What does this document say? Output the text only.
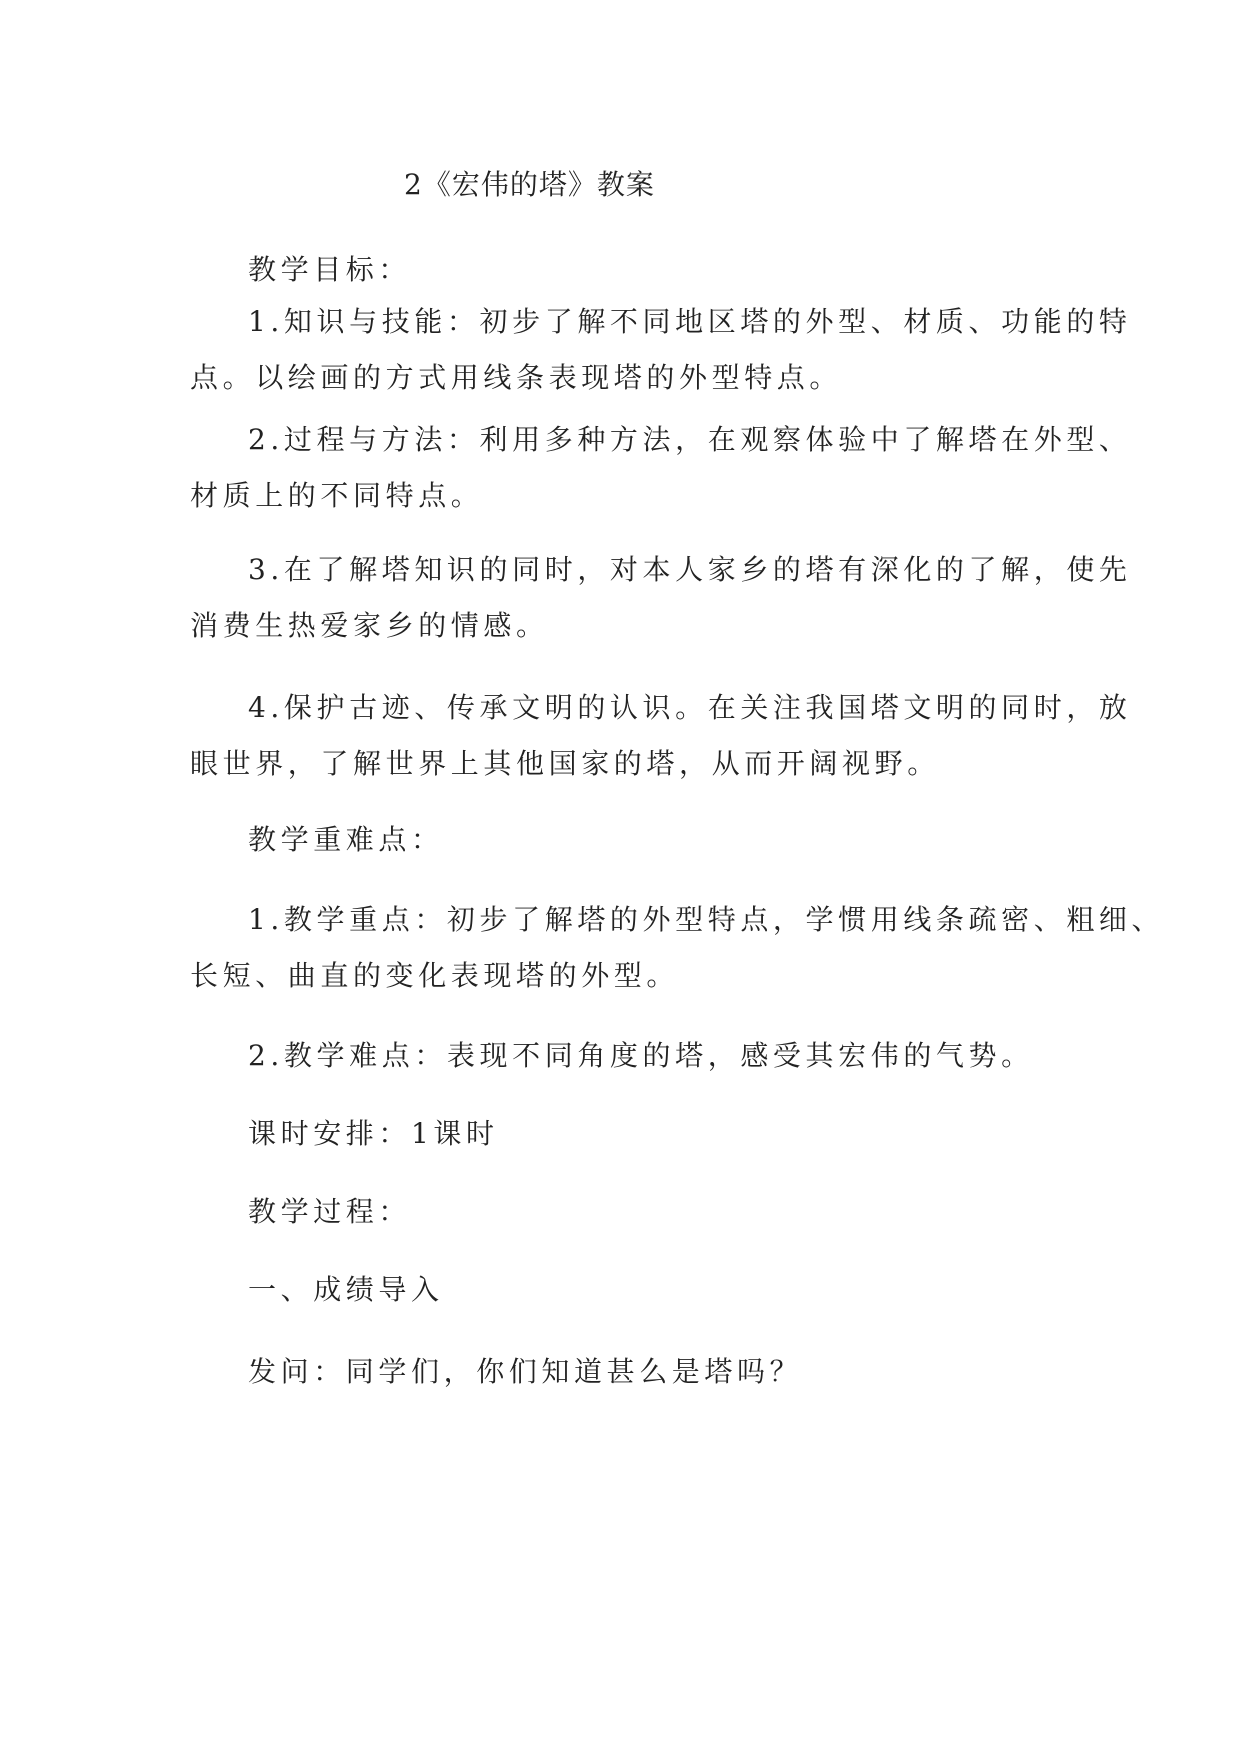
2《宏伟的塔》教案
教学目标：
1.知识与技能：初步了解不同地区塔的外型、材质、功能的特
点。以绘画的方式用线条表现塔的外型特点。
2.过程与方法：利用多种方法，在观察体验中了解塔在外型、
材质上的不同特点。
3.在了解塔知识的同时，对本人家乡的塔有深化的了解，使先
消费生热爱家乡的情感。
4.保护古迹、传承文明的认识。在关注我国塔文明的同时，放
眼世界，了解世界上其他国家的塔，从而开阔视野。
教学重难点：
1.教学重点：初步了解塔的外型特点，学惯用线条疏密、粗细、
长短、曲直的变化表现塔的外型。
2.教学难点：表现不同角度的塔，感受其宏伟的气势。
课时安排：1课时
教学过程：
一、成绩导入
发问：同学们，你们知道甚么是塔吗？
